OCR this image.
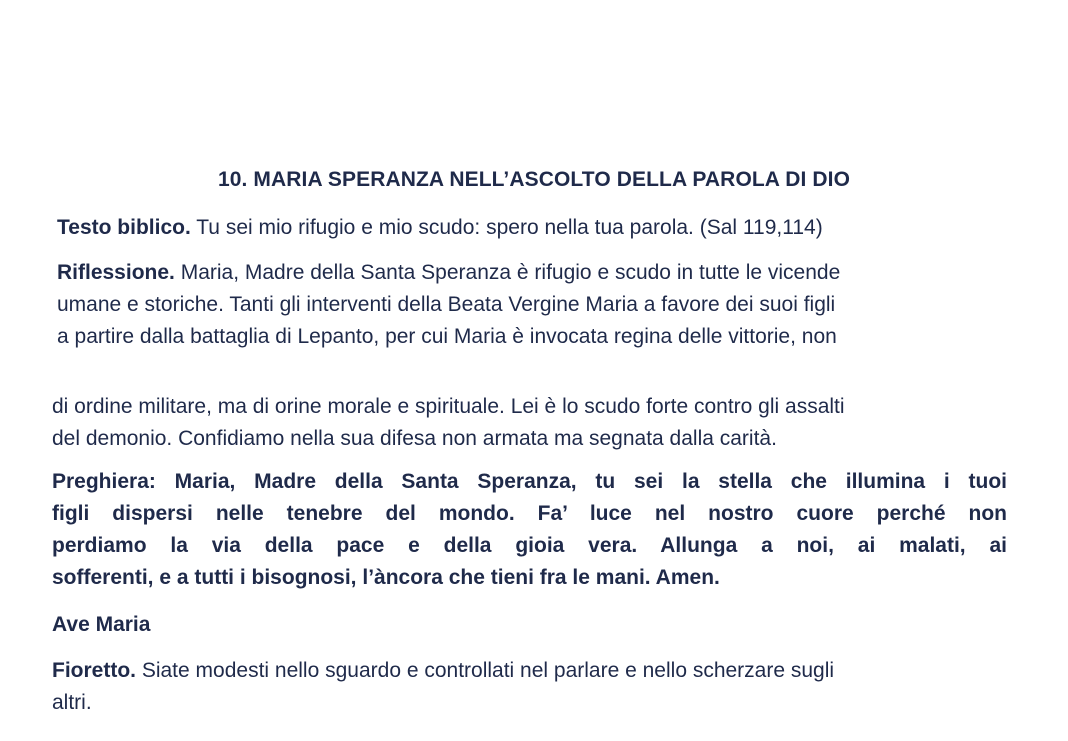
10. MARIA SPERANZA NELL’ASCOLTO DELLA PAROLA DI DIO
Testo biblico. Tu sei mio rifugio e mio scudo: spero nella tua parola. (Sal 119,114)
Riflessione. Maria, Madre della Santa Speranza è rifugio e scudo in tutte le vicende
umane e storiche. Tanti gli interventi della Beata Vergine Maria a favore dei suoi figli
a partire dalla battaglia di Lepanto, per cui Maria è invocata regina delle vittorie, non
di ordine militare, ma di orine morale e spirituale. Lei è lo scudo forte contro gli assalti
del demonio. Confidiamo nella sua difesa non armata ma segnata dalla carità.
Preghiera: Maria, Madre della Santa Speranza, tu sei la stella che illumina i tuoi
figli dispersi nelle tenebre del mondo. Fa’ luce nel nostro cuore perché non
perdiamo la via della pace e della gioia vera. Allunga a noi, ai malati, ai
sofferenti, e a tutti i bisognosi, l’àncora che tieni fra le mani. Amen.
Ave Maria
Fioretto. Siate modesti nello sguardo e controllati nel parlare e nello scherzare sugli
altri.
